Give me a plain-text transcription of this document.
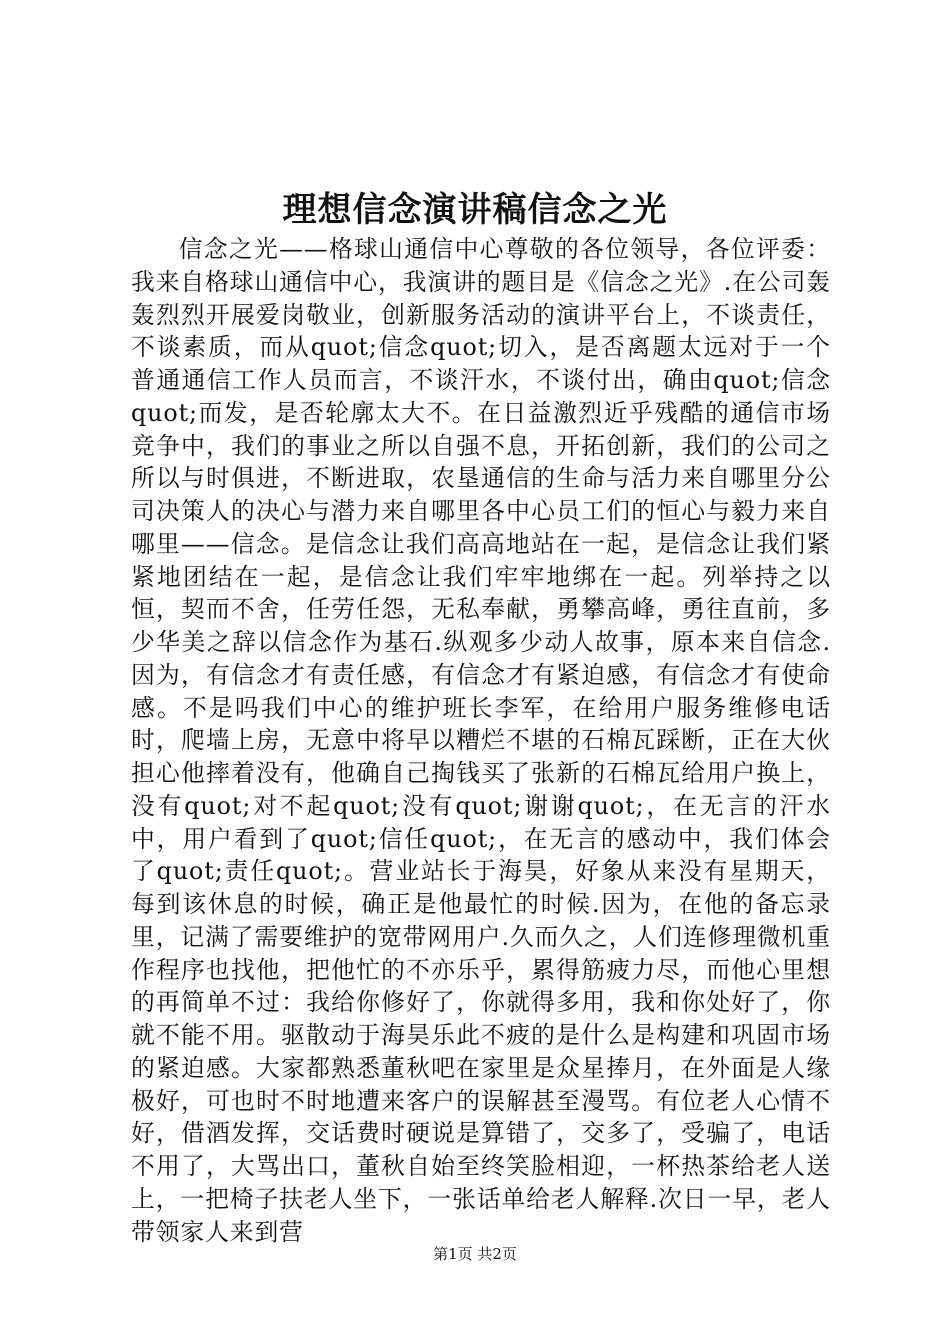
理想信念演讲稿信念之光

信念之光——格球山通信中心尊敬的各位领导，各位评委：我来自格球山通信中心，我演讲的题目是《信念之光》.在公司轰轰烈烈开展爱岗敬业，创新服务活动的演讲平台上，不谈责任，不谈素质，而从quot;信念quot;切入，是否离题太远对于一个普通通信工作人员而言，不谈汗水，不谈付出，确由quot;信念quot;而发，是否轮廓太大不。在日益激烈近乎残酷的通信市场竞争中，我们的事业之所以自强不息，开拓创新，我们的公司之所以与时俱进，不断进取，农垦通信的生命与活力来自哪里分公司决策人的决心与潜力来自哪里各中心员工们的恒心与毅力来自哪里——信念。是信念让我们高高地站在一起，是信念让我们紧紧地团结在一起，是信念让我们牢牢地绑在一起。列举持之以恒，契而不舍，任劳任怨，无私奉献，勇攀高峰，勇往直前，多少华美之辞以信念作为基石.纵观多少动人故事，原本来自信念.因为，有信念才有责任感，有信念才有紧迫感，有信念才有使命感。不是吗我们中心的维护班长李军，在给用户服务维修电话时，爬墙上房，无意中将早以糟烂不堪的石棉瓦踩断，正在大伙担心他摔着没有，他确自己掏钱买了张新的石棉瓦给用户换上，没有quot;对不起quot;没有quot;谢谢quot;，在无言的汗水中，用户看到了quot;信任quot;，在无言的感动中，我们体会了quot;责任quot;。营业站长于海昊，好象从来没有星期天，每到该休息的时候，确正是他最忙的时候.因为，在他的备忘录里，记满了需要维护的宽带网用户.久而久之，人们连修理微机重作程序也找他，把他忙的不亦乐乎，累得筋疲力尽，而他心里想的再简单不过：我给你修好了，你就得多用，我和你处好了，你就不能不用。驱散动于海昊乐此不疲的是什么是构建和巩固市场的紧迫感。大家都熟悉董秋吧在家里是众星捧月，在外面是人缘极好，可也时不时地遭来客户的误解甚至漫骂。有位老人心情不好，借酒发挥，交话费时硬说是算错了，交多了，受骗了，电话不用了，大骂出口，董秋自始至终笑脸相迎，一杯热茶给老人送上，一把椅子扶老人坐下，一张话单给老人解释.次日一早，老人带领家人来到营

第1页 共2页
